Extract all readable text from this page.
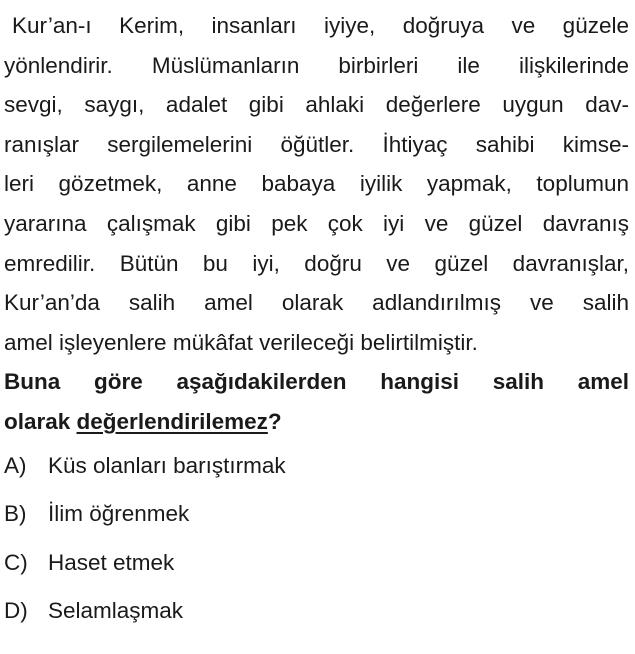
Kur’an-ı Kerim, insanları iyiye, doğruya ve güzele
yönlendirir. Müslümanların birbirleri ile ilişkilerinde
sevgi, saygı, adalet gibi ahlaki değerlere uygun dav-
ranışlar sergilemelerini öğütler. İhtiyaç sahibi kimse-
leri gözetmek, anne babaya iyilik yapmak, toplumun
yararına çalışmak gibi pek çok iyi ve güzel davranış
emredilir. Bütün bu iyi, doğru ve güzel davranışlar,
Kur’an’da salih amel olarak adlandırılmış ve salih
amel işleyenlere mükâfat verileceği belirtilmiştir.
Buna göre aşağıdakilerden hangisi salih amel
olarak değerlendirilemez?
A) Küs olanları barıştırmak
B) İlim öğrenmek
C) Haset etmek
D) Selamlaşmak
